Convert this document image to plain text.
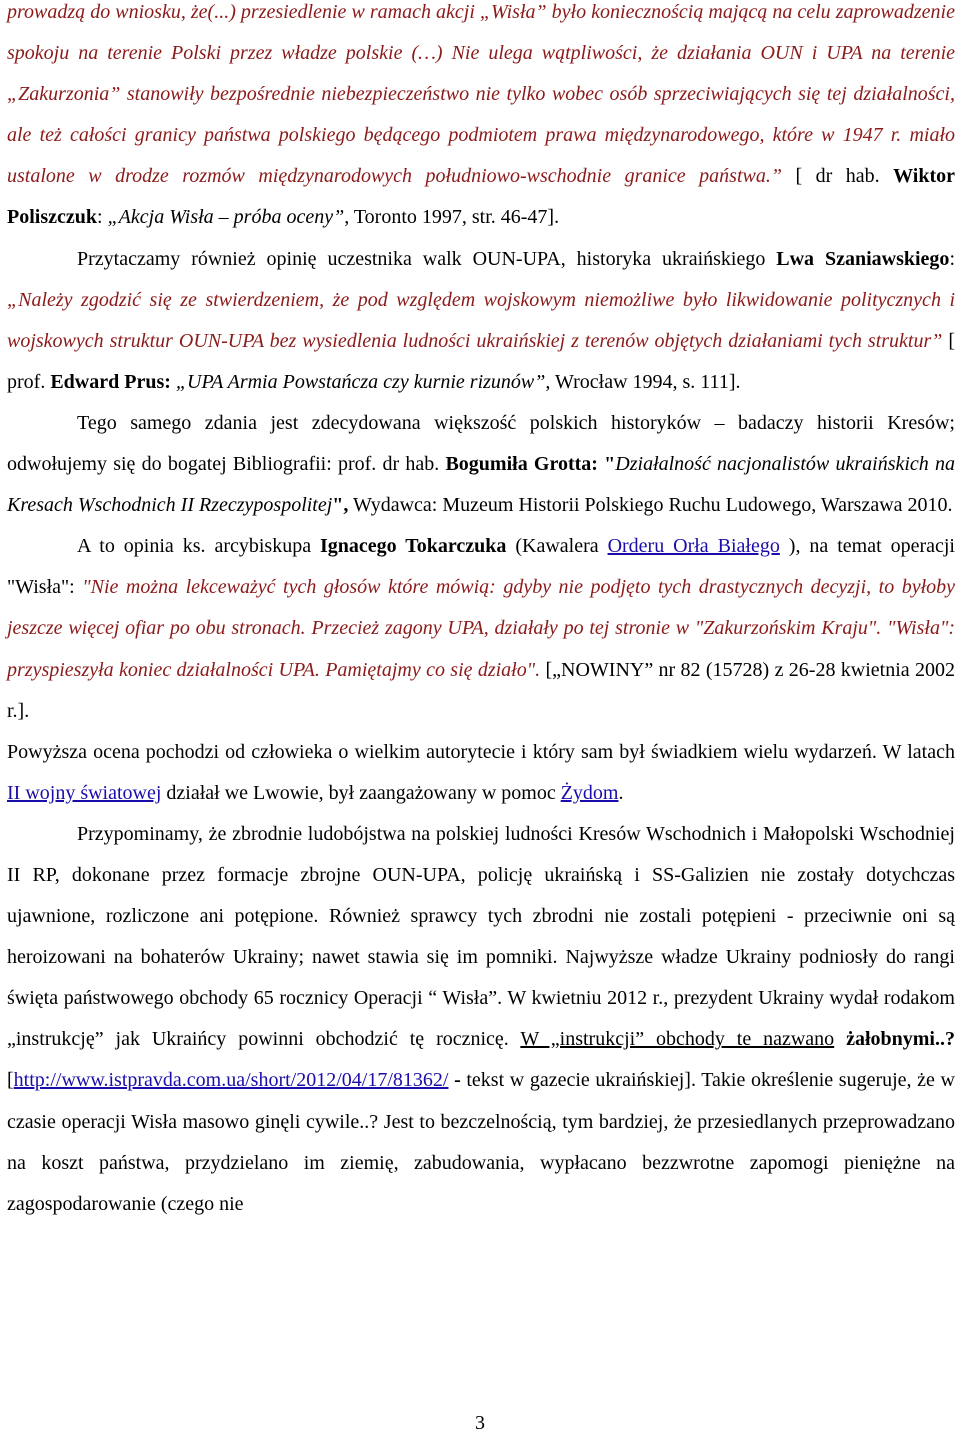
prowadzą do wniosku, że(...) przesiedlenie w ramach akcji „Wisła” było koniecznością mającą na celu zaprowadzenie spokoju na terenie Polski przez władze polskie (…) Nie ulega wątpliwości, że działania OUN i UPA na terenie „Zakurzonia” stanowiły bezpośrednie niebezpieczeństwo nie tylko wobec osób sprzeciwiających się tej działalności, ale też całości granicy państwa polskiego będącego podmiotem prawa międzynarodowego, które w 1947 r. miało ustalone w drodze rozmów międzynarodowych południowo-wschodnie granice państwa.” [ dr hab. Wiktor Poliszczuk: „Akcja Wisła – próba oceny”, Toronto 1997, str. 46-47].

Przytaczamy również opinię uczestnika walk OUN-UPA, historyka ukraińskiego Lwa Szaniawskiego: „Należy zgodzić się ze stwierdzeniem, że pod względem wojskowym niemożliwe było likwidowanie politycznych i wojskowych struktur OUN-UPA bez wysiedlenia ludności ukraińskiej z terenów objętych działaniami tych struktur” [ prof. Edward Prus: „UPA Armia Powstańcza czy kurnie rizunów”, Wrocław 1994, s. 111].

Tego samego zdania jest zdecydowana większość polskich historyków – badaczy historii Kresów; odwołujemy się do bogatej Bibliografii: prof. dr hab. Bogumiła Grotta: "Działalność nacjonalistów ukraińskich na Kresach Wschodnich II Rzeczypospolitej", Wydawca: Muzeum Historii Polskiego Ruchu Ludowego, Warszawa 2010.

A to opinia ks. arcybiskupa Ignacego Tokarczuka (Kawalera Orderu Orła Białego ), na temat operacji "Wisła": "Nie można lekceważyć tych głosów które mówią: gdyby nie podjęto tych drastycznych decyzji, to byłoby jeszcze więcej ofiar po obu stronach. Przecież zagony UPA, działały po tej stronie w "Zakurzońskim Kraju". "Wisła": przyspieszyła koniec działalności UPA. Pamiętajmy co się działo". [„NOWINY” nr 82 (15728) z 26-28 kwietnia 2002 r.].

Powyższa ocena pochodzi od człowieka o wielkim autorytecie i który sam był świadkiem wielu wydarzeń. W latach II wojny światowej działał we Lwowie, był zaangażowany w pomoc Żydom.

Przypominamy, że zbrodnie ludobójstwa na polskiej ludności Kresów Wschodnich i Małopolski Wschodniej II RP, dokonane przez formacje zbrojne OUN-UPA, policję ukraińską i SS-Galizien nie zostały dotychczas ujawnione, rozliczone ani potępione. Również sprawcy tych zbrodni nie zostali potępieni - przeciwnie oni są heroizowani na bohaterów Ukrainy; nawet stawia się im pomniki. Najwyższe władze Ukrainy podniosły do rangi święta państwowego obchody 65 rocznicy Operacji “ Wisła”. W kwietniu 2012 r., prezydent Ukrainy wydał rodakom „instrukcję” jak Ukraińcy powinni obchodzić tę rocznicę. W „instrukcji” obchody te nazwano żałobnymi..? [http://www.istpravda.com.ua/short/2012/04/17/81362/ - tekst w gazecie ukraińskiej]. Takie określenie sugeruje, że w czasie operacji Wisła masowo ginęli cywile..? Jest to bezczelnością, tym bardziej, że przesiedlanych przeprowadzano na koszt państwa, przydzielano im ziemię, zabudowania, wypłacano bezzwrotne zapomogi pieniężne na zagospodarowanie (czego nie

3
